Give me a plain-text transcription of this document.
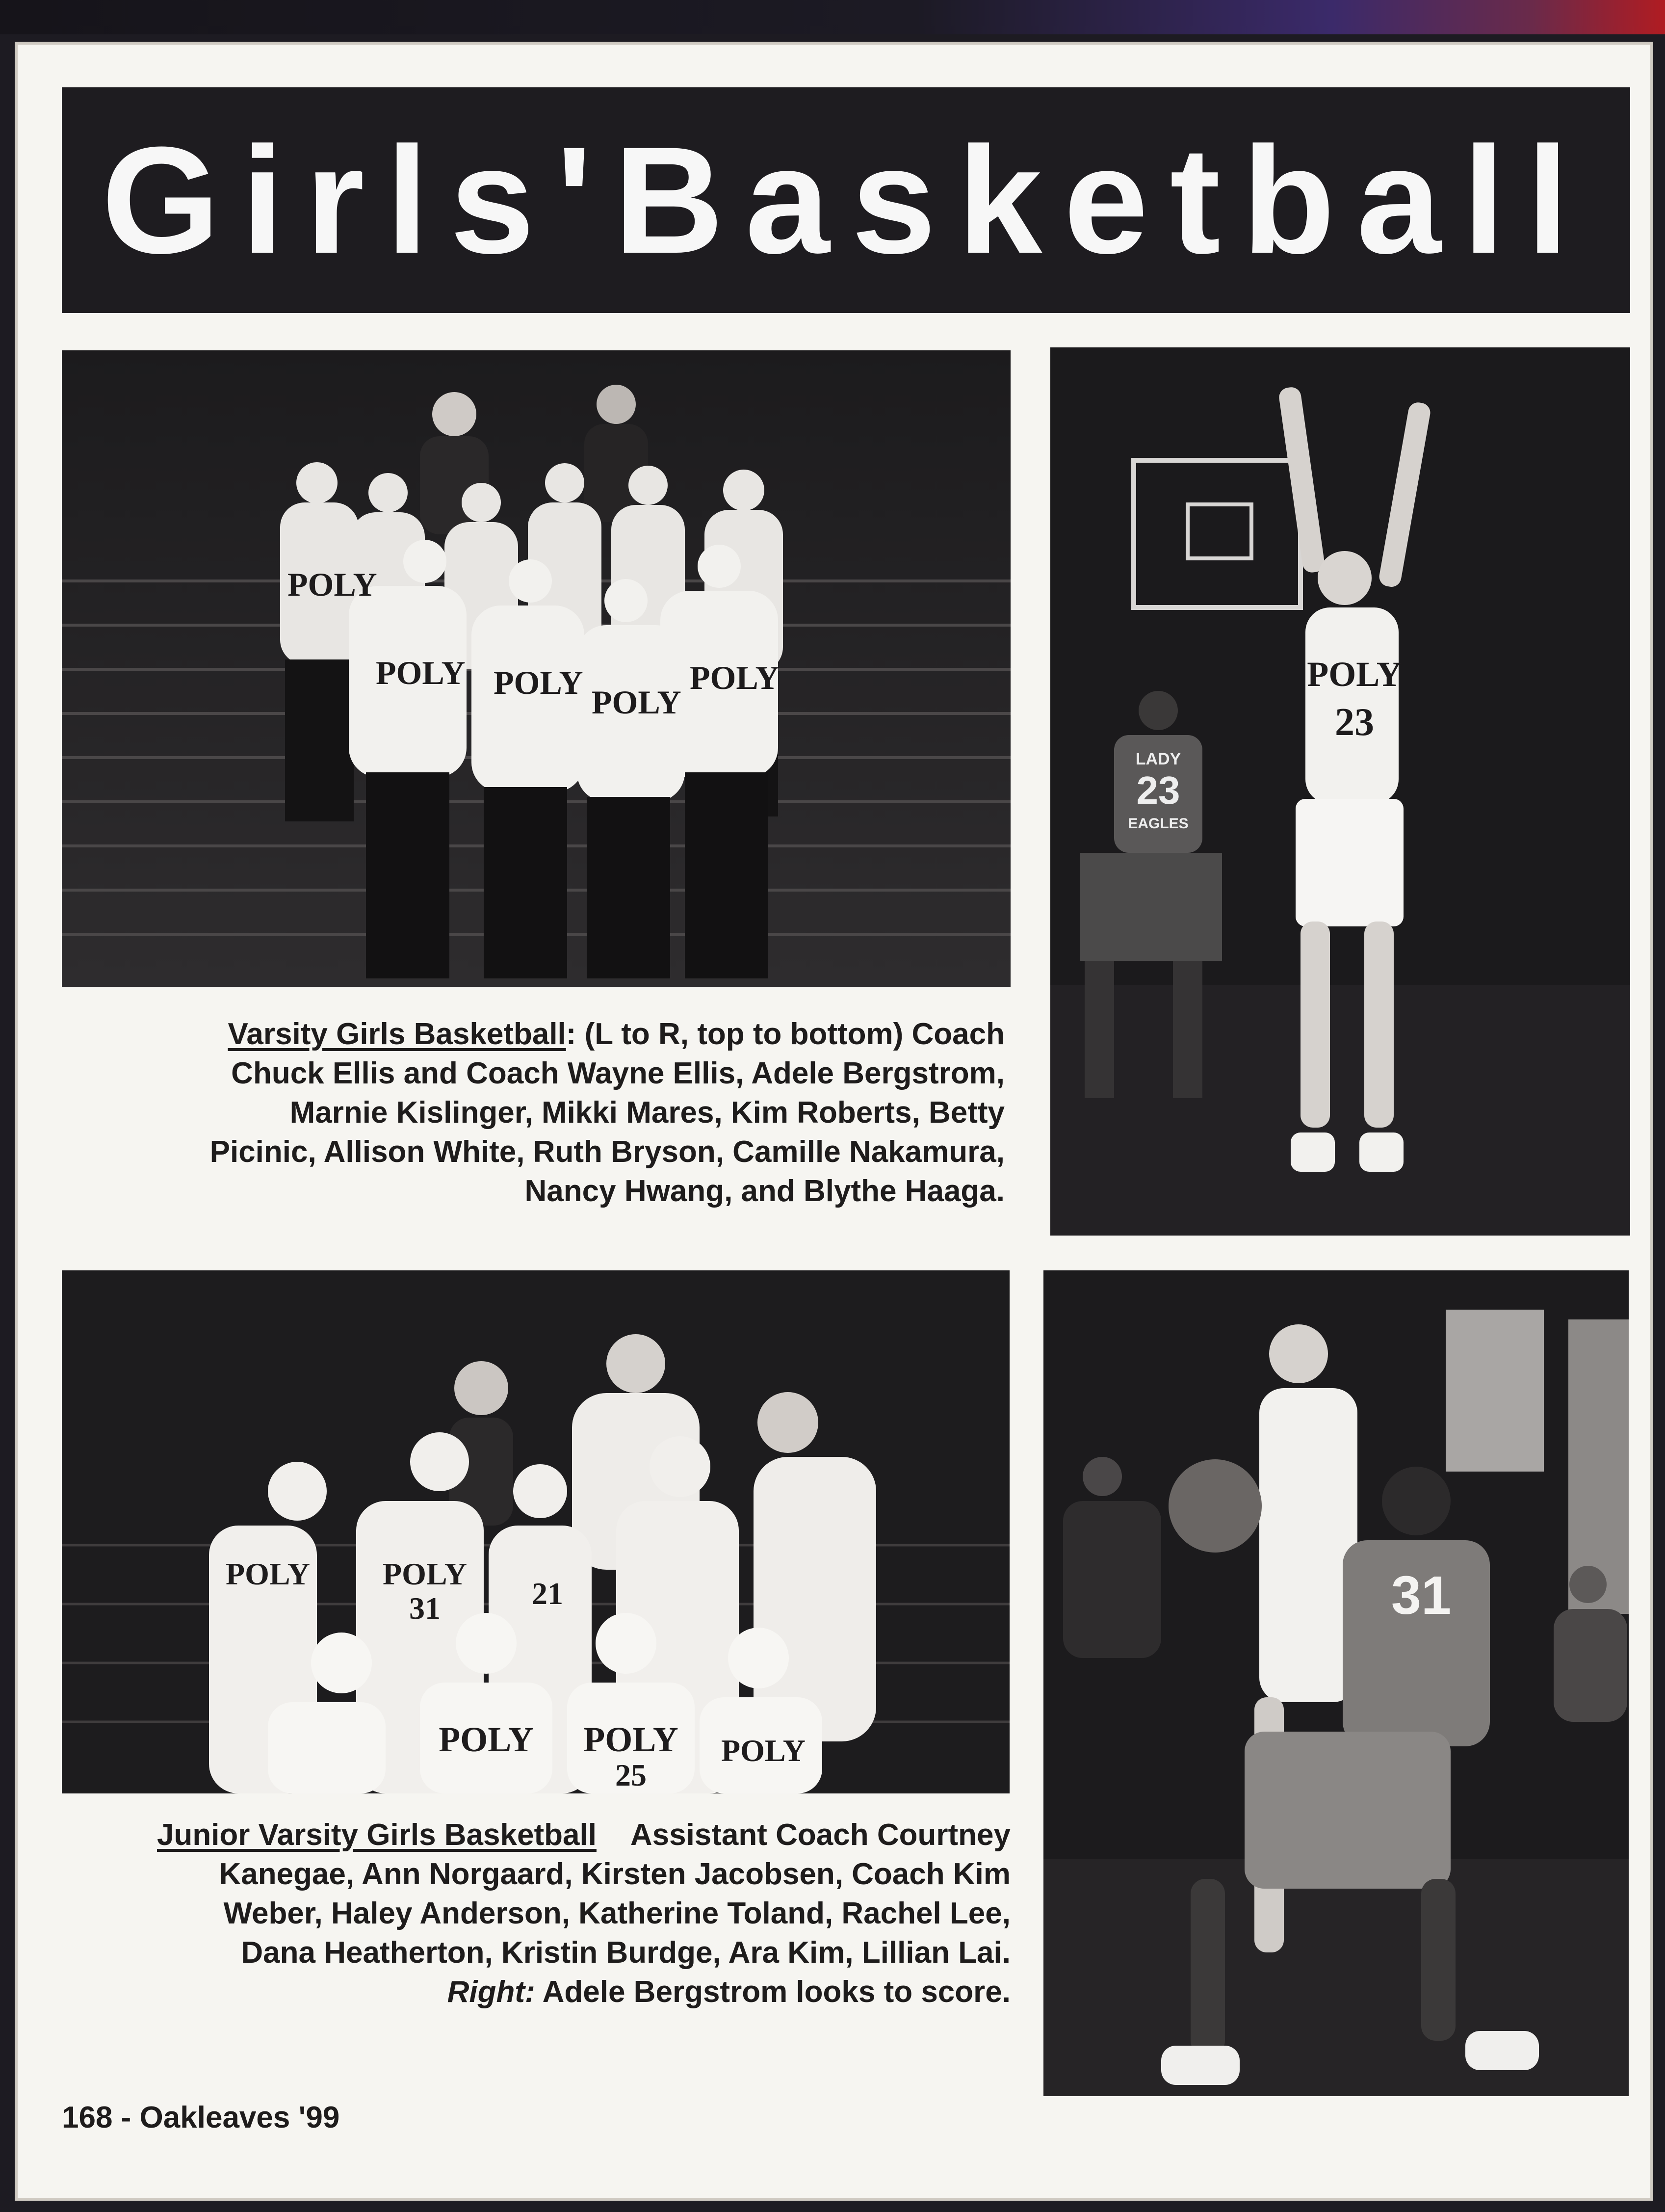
Girls'Basketball
POLY
POLY POLY
POLY
POLY
LADY
23
EAGLES
POLY
23
Varsity Girls Basketball: (L to R, top to bottom) Coach
Chuck Ellis and Coach Wayne Ellis, Adele Bergstrom,
Marnie Kislinger, Mikki Mares, Kim Roberts, Betty
Picinic, Allison White, Ruth Bryson, Camille Nakamura,
Nancy Hwang, and Blythe Haaga.
POLY POLY
31	21
POLY POLY
25
POLY
Junior Varsity Girls Basketball Assistant Coach Courtney
Kanegae, Ann Norgaard, Kirsten Jacobsen, Coach Kim
Weber, Haley Anderson, Katherine Toland, Rachel Lee,
Dana Heatherton, Kristin Burdge, Ara Kim, Lillian Lai.
Right: Adele Bergstrom looks to score.
31
168 - Oakleaves '99
